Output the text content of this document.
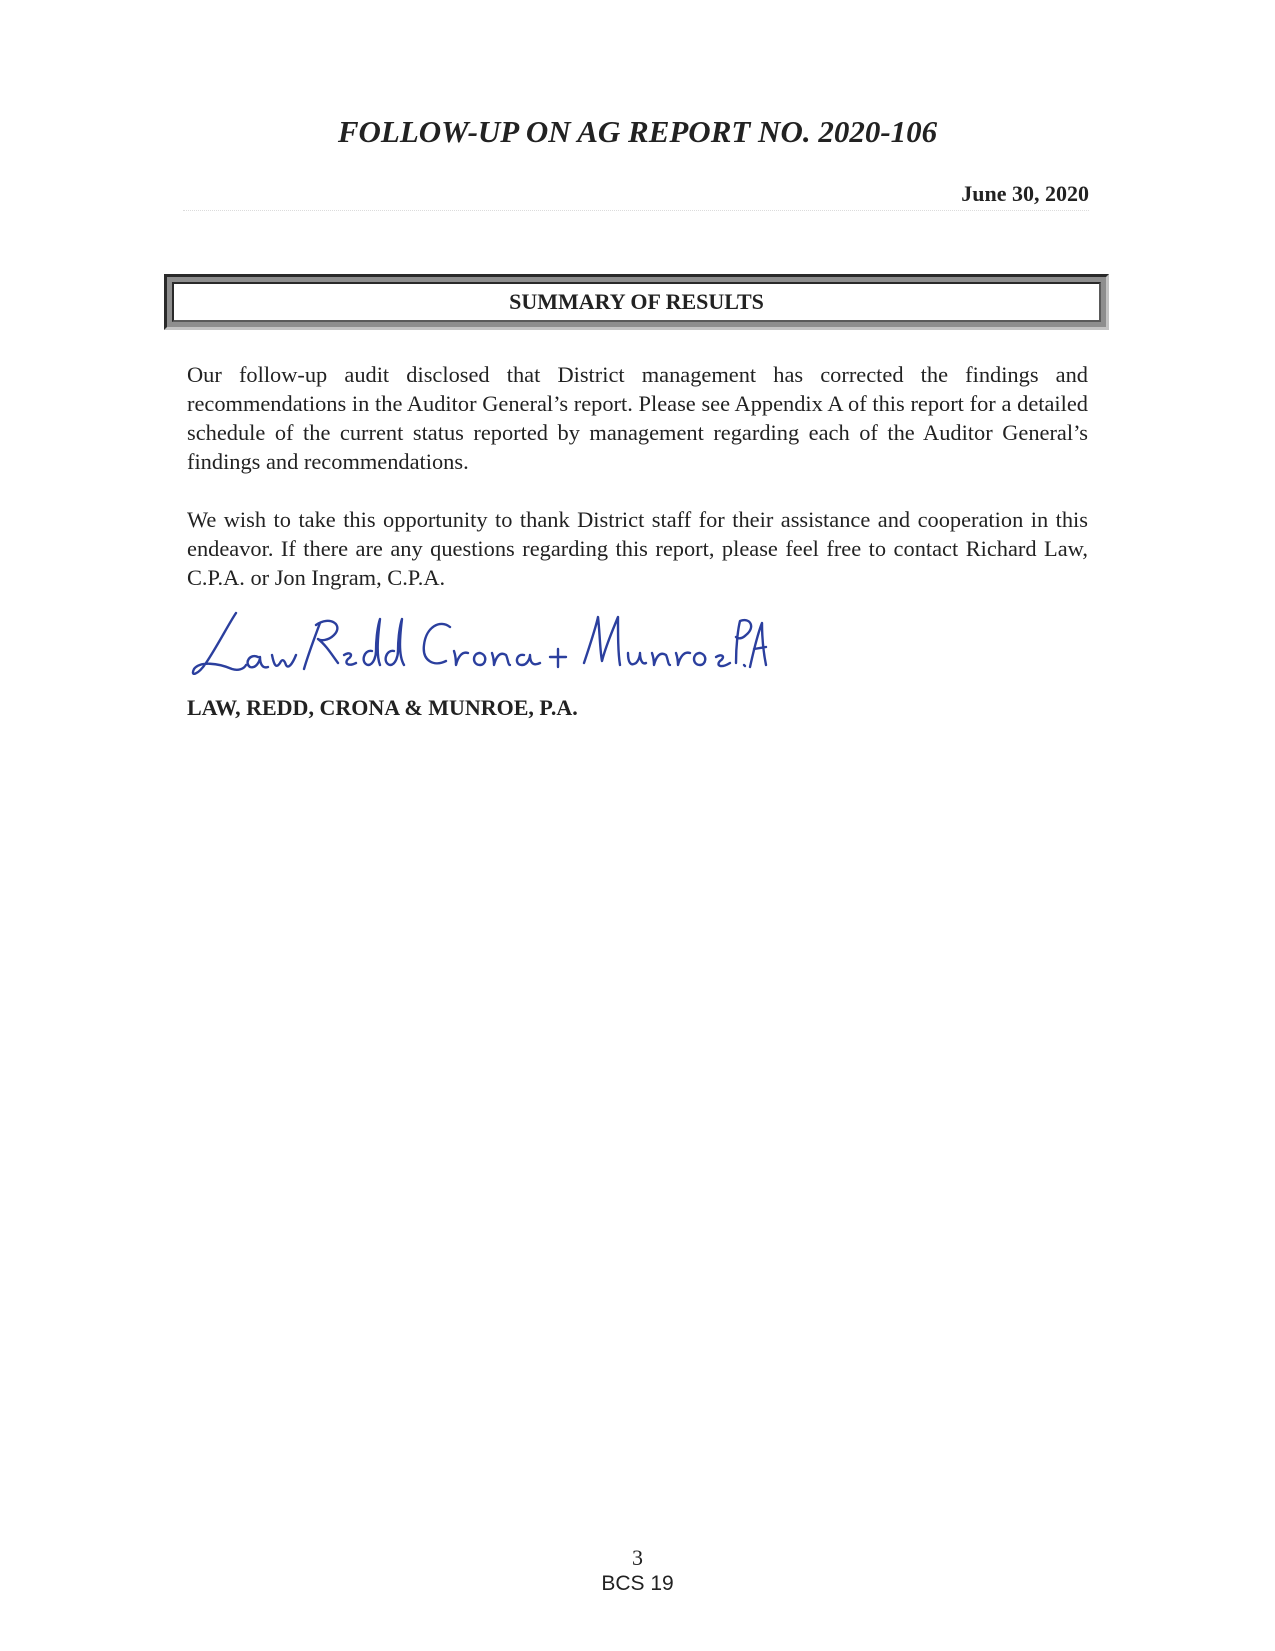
FOLLOW-UP ON AG REPORT NO. 2020-106
June 30, 2020
SUMMARY OF RESULTS

Our follow-up audit disclosed that District management has corrected the findings and recommendations in the Auditor General’s report. Please see Appendix A of this report for a detailed schedule of the current status reported by management regarding each of the Auditor General’s findings and recommendations.

We wish to take this opportunity to thank District staff for their assistance and cooperation in this endeavor. If there are any questions regarding this report, please feel free to contact Richard Law, C.P.A. or Jon Ingram, C.P.A.

LAW, REDD, CRONA & MUNROE, P.A.

3
BCS 19
